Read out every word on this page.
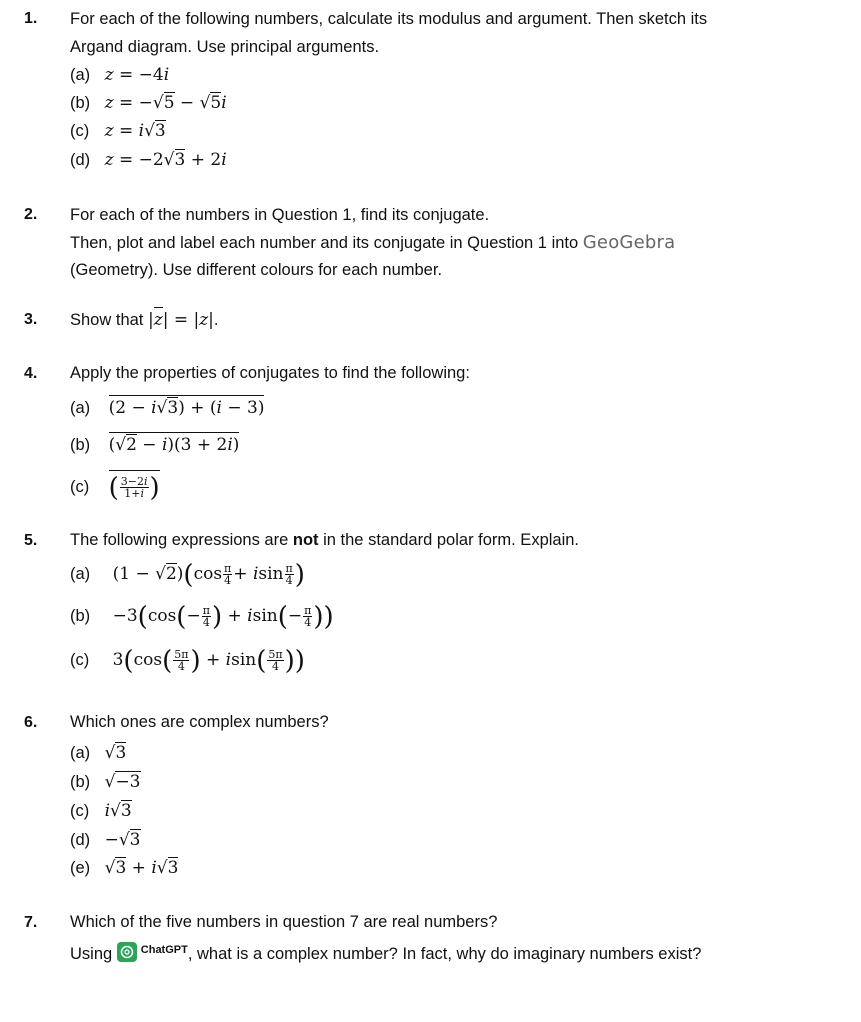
1. For each of the following numbers, calculate its modulus and argument. Then sketch its
Argand diagram. Use principal arguments.
(a) z = −4i
(b) z = −√5 − √5i
(c) z = i√3
(d) z = −2√3 + 2i
2. For each of the numbers in Question 1, find its conjugate.
Then, plot and label each number and its conjugate in Question 1 into GeoGebra
(Geometry). Use different colours for each number.
3. Show that |z| = |z|.
4. Apply the properties of conjugates to find the following:
(a) (2 − i√3) + (i − 3)
(b) (√2 − i)(3 + 2i)
(c) ( $\frac{3-2i}{1+i}$ )
5. The following expressions are not in the standard polar form. Explain.
(a) $(1 - √2)(\cos \frac{\pi}{4} + isin \frac{\pi}{4}$ )
$(b) -3(\cos(- \frac{\pi}{4}$ ) + $isin(- \frac{\pi}{4}$ ))
(c) $3(\cos( \frac{5\pi}{4}$ ) + $isin( \frac{5\pi}{4}$ ))
6. Which ones are complex numbers?
(a) √3
(b) √−3
(c) i√3
(d) −√3
(e) √3 + i√3
7. Which of the five numbers in question 7 are real numbers?
Using	$^{ChatGPT}$, what is a complex number? In fact, why do imaginary numbers exist?
